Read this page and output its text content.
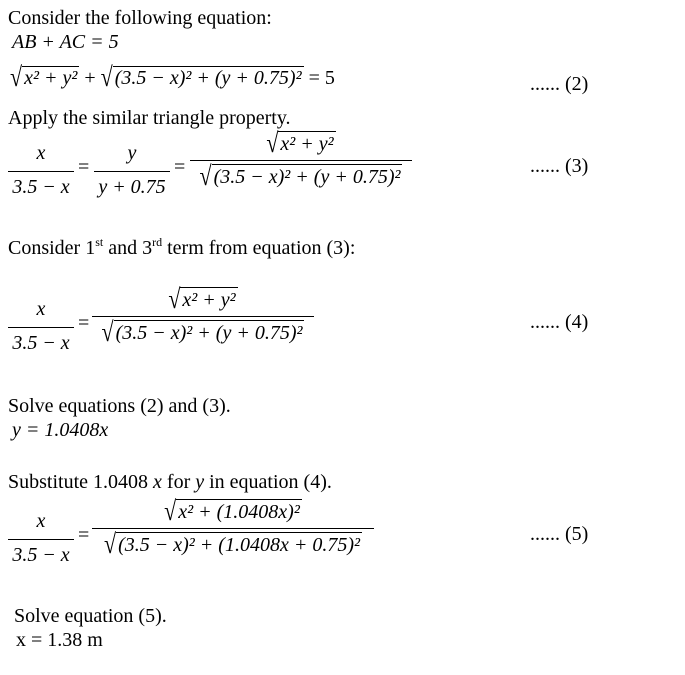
Consider the following equation:
AB + AC = 5
√ x² + y² + √ (3.5 − x)² + (y + 0.75)² = 5	...... (2)
Apply the similar triangle property.
x
3.5 − x
=
y
y + 0.75
=
√ x² + y²
√ (3.5 − x)² + (y + 0.75)²	...... (3)
Consider 1st and 3rd term from equation (3):
x
3.5 − x
=
√ x² + y²
√ (3.5 − x)² + (y + 0.75)²	...... (4)
Solve equations (2) and (3).
y = 1.0408x
Substitute 1.0408 x for y in equation (4).
x
3.5 − x
=
√ x² + (1.0408x)²
√ (3.5 − x)² + (1.0408x + 0.75)²	...... (5)
Solve equation (5).
x = 1.38 m
